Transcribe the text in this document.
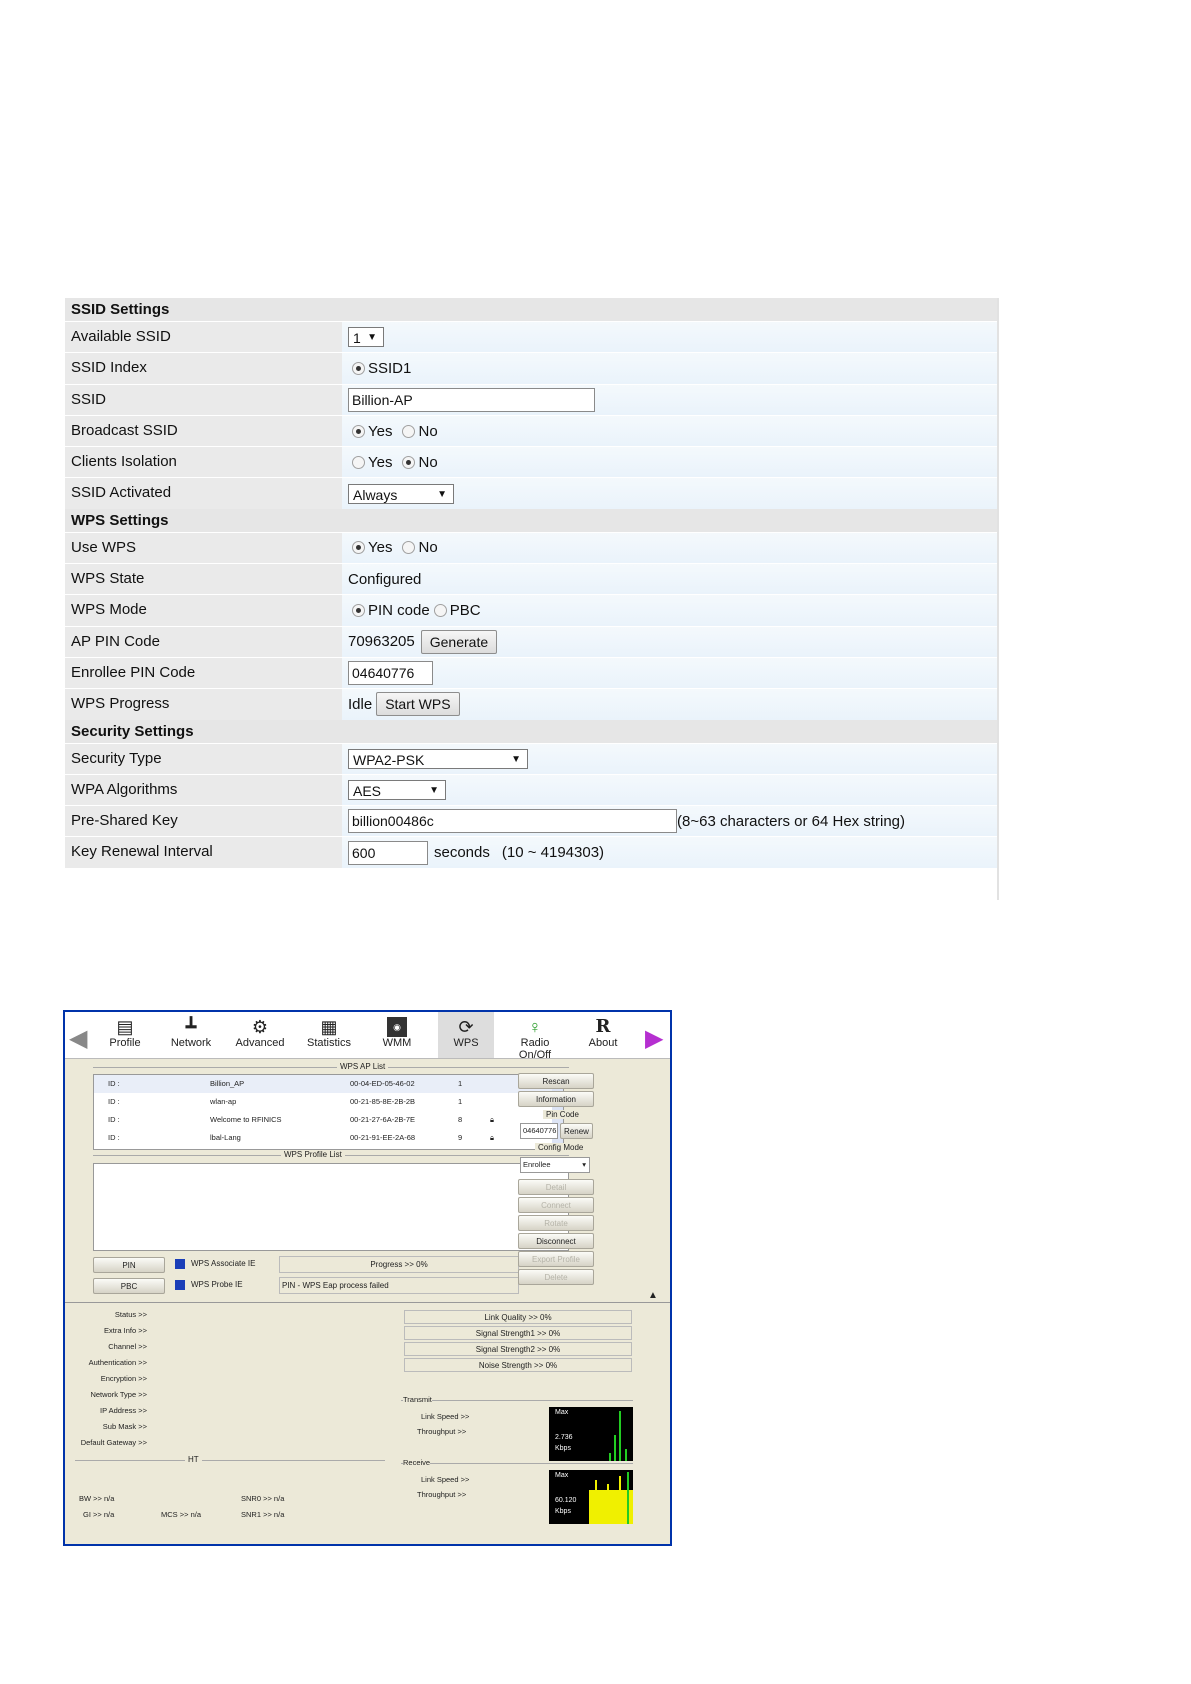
SSID Settings
Available SSID	1 ▼
SSID Index	SSID1
SSID	Billion-AP
Broadcast SSID	Yes No
Clients Isolation	Yes No
SSID Activated	Always	▼
WPS Settings
Use WPS	Yes No
WPS State	Configured
WPS Mode	PIN code PBC
AP PIN Code	70963205	Generate
Enrollee PIN Code	04640776
WPS Progress	Idle Start WPS
Security Settings
Security Type	WPA2-PSK	▼
WPA Algorithms	AES	▼
Pre-Shared Key	billion00486c	(8~63 characters or 64 Hex string)
Key Renewal Interval	600	seconds (10 ~ 4194303)
◀ ▤
Profile
┻
Network
⚙
Advanced
▦
Statistics
◉
WMM
⟳
WPS
♀
Radio On/Off
R
About	▶
WPS AP List
ID :	Billion_AP	00-04-ED-05-46-02	1
ID :	wlan-ap	00-21-85-8E-2B-2B	1
ID :	Welcome to RFINICS	00-21-27-6A-2B-7E	8	🔒︎
ID :	lbal-Lang	00-21-91-EE-2A-68	9	🔒︎
WPS Profile List
PIN
PBC
WPS Associate IE
WPS Probe IE
Progress >> 0%
PIN - WPS Eap process failed
Rescan
Information
Pin Code
04640776 Renew
Config Mode
Enrollee	▾
Detail
Connect
Rotate
Disconnect
Export Profile
Delete
▲
Status >>
Extra Info >>
Channel >>
Authentication >>
Encryption >>
Network Type >>
IP Address >>
Sub Mask >>
Default Gateway >>
HT
BW >> n/a
GI >> n/a	MCS >> n/a
SNR0 >> n/a
SNR1 >> n/a
Link Quality >> 0%
Signal Strength1 >> 0%
Signal Strength2 >> 0%
Noise Strength >> 0%
Transmit
Link Speed >>
Throughput >>
Max
2.736
Kbps
Receive
Link Speed >>
Throughput >>
Max
60.120
Kbps
